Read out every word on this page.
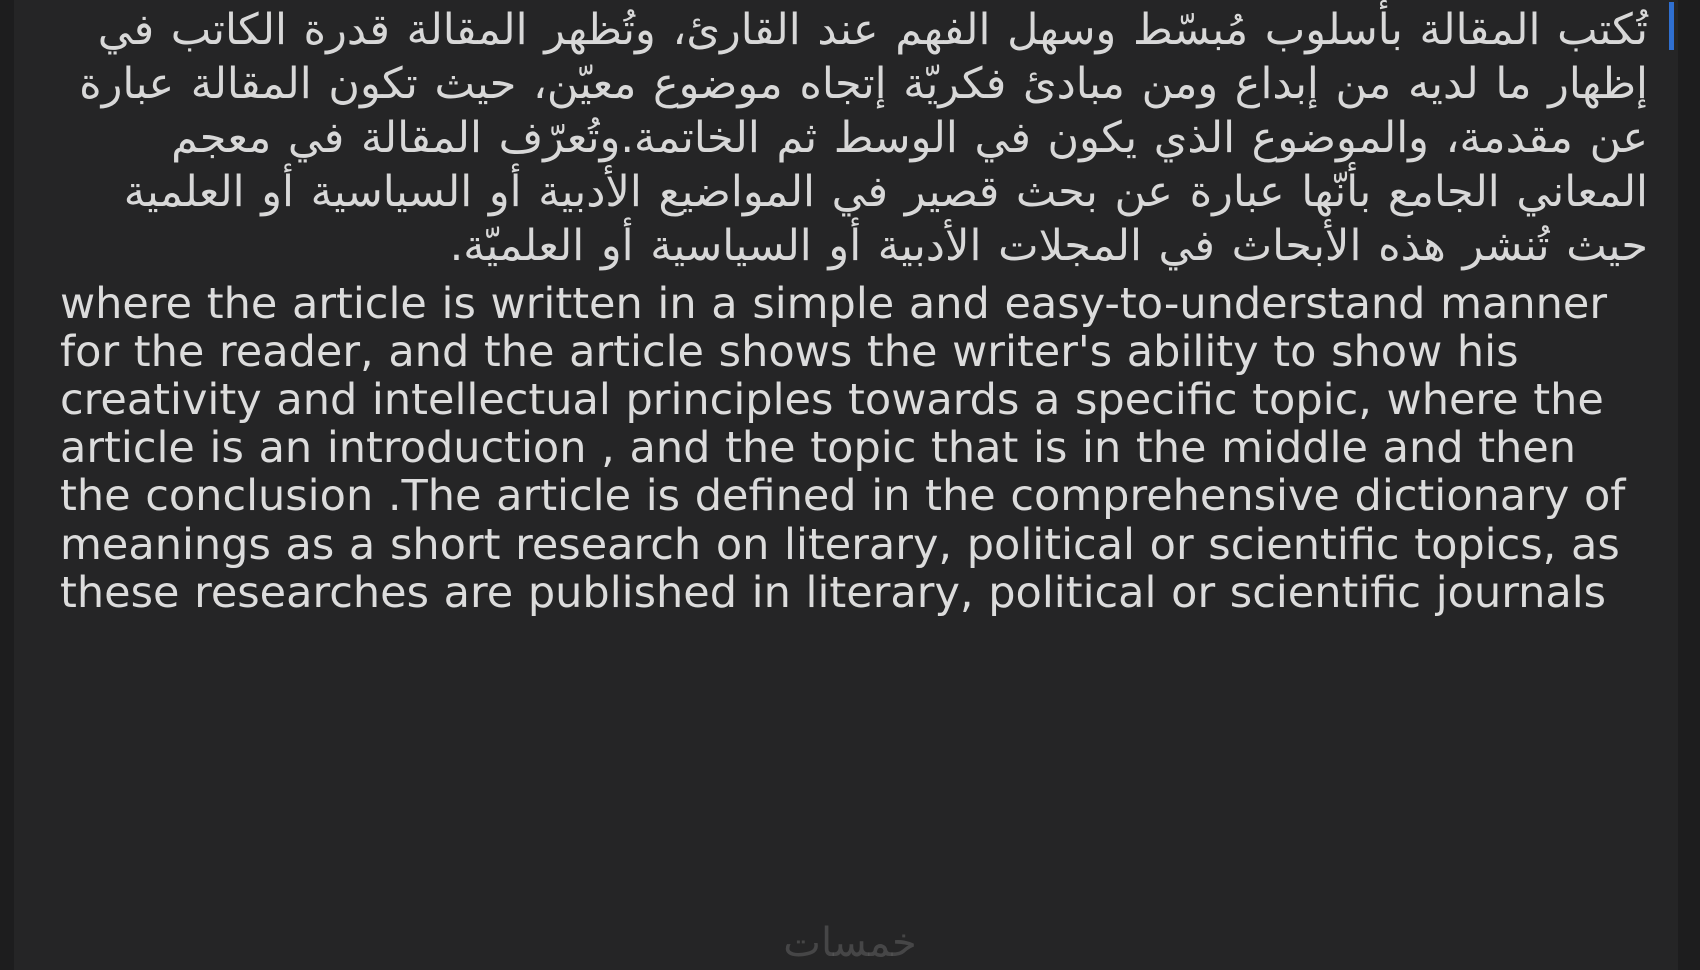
تُكتب المقالة بأسلوب مُبسّط وسهل الفهم عند القارئ، وتُظهر المقالة قدرة الكاتب في إظهار ما لديه من إبداع ومن مبادئ فكريّة إتجاه موضوع معيّن، حيث تكون المقالة عبارة عن مقدمة، والموضوع الذي يكون في الوسط ثم الخاتمة.وتُعرّف المقالة في معجم المعاني الجامع بأنّها عبارة عن بحث قصير في المواضيع الأدبية أو السياسية أو العلمية حيث تُنشر هذه الأبحاث في المجلات الأدبية أو السياسية أو العلميّة.
where the article is written in a simple and easy-to-understand manner for the reader, and the article shows the writer's ability to show his creativity and intellectual principles towards a specific topic, where the article is an introduction , and the topic that is in the middle and then the conclusion .The article is defined in the comprehensive dictionary of meanings as a short research on literary, political or scientific topics, as these researches are published in literary, political or scientific journals
خمسات
